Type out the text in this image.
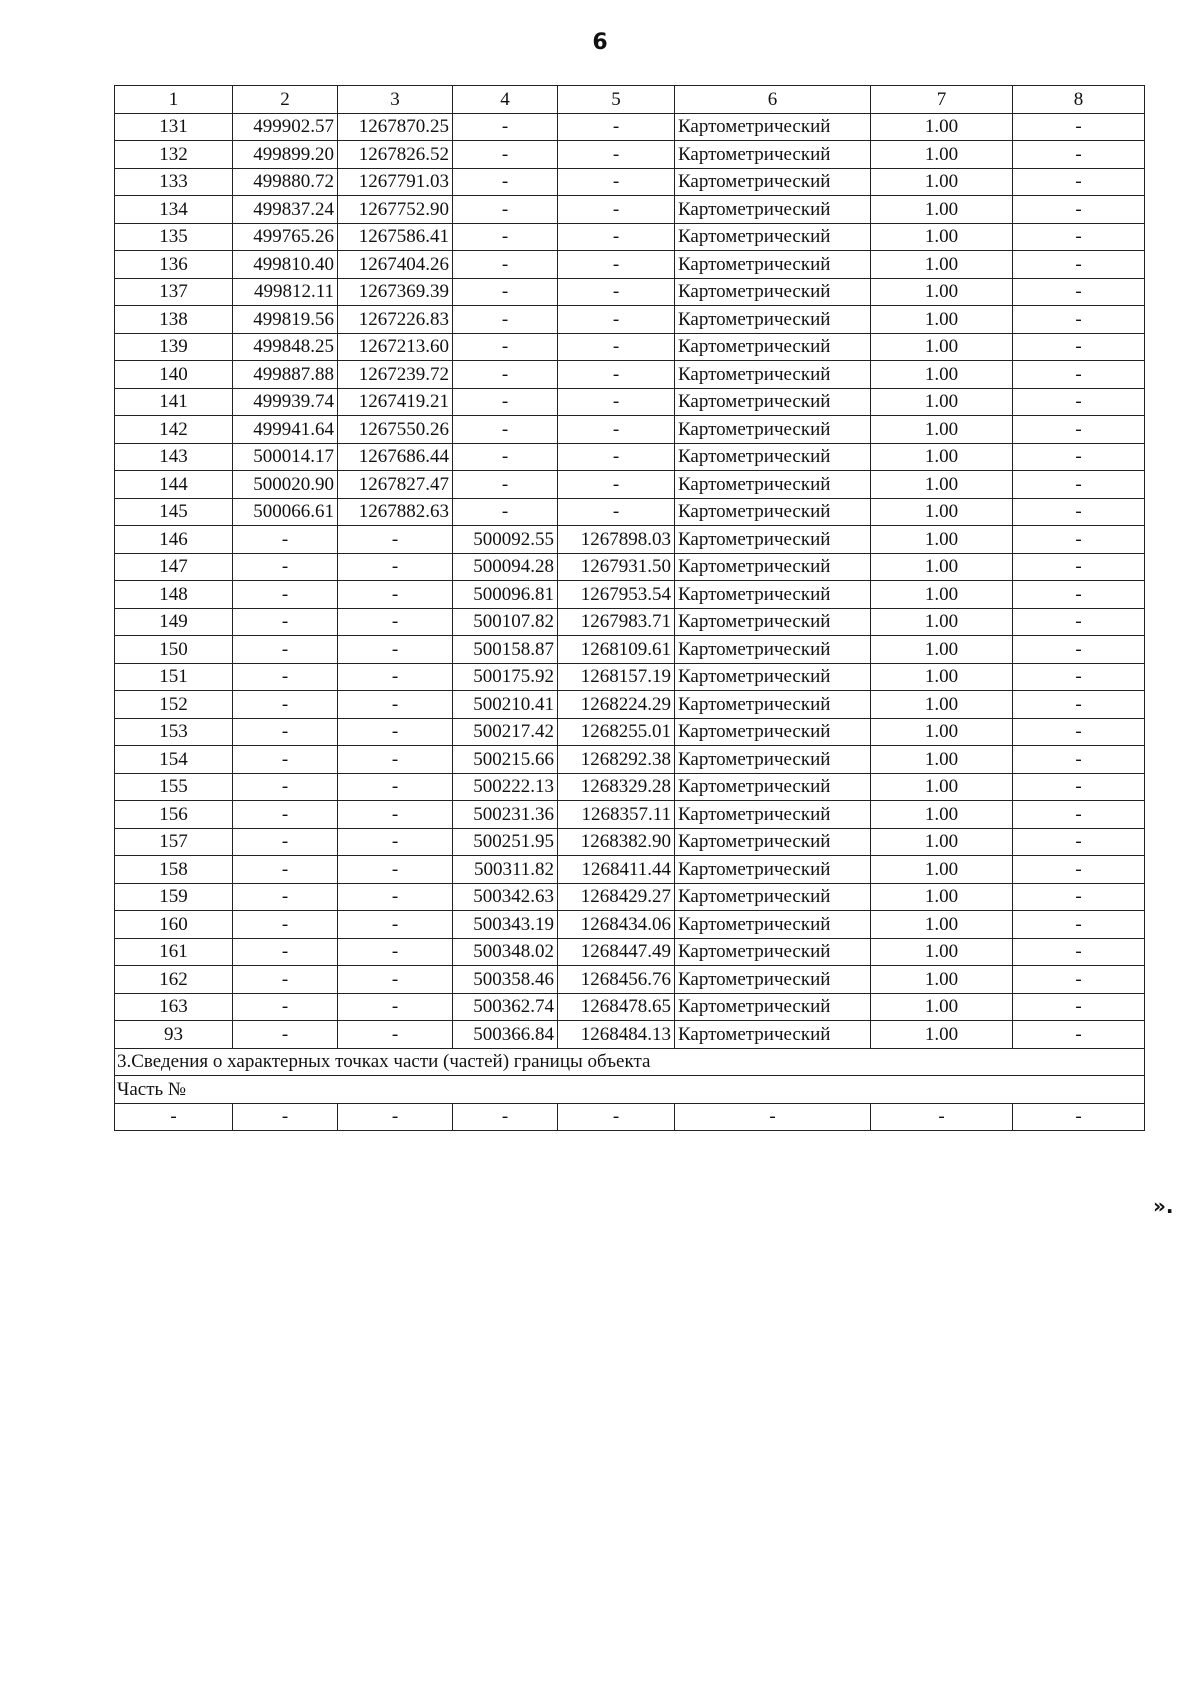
6
1	2	3	4	5	6	7	8
131	499902.57	1267870.25	-	-	Картометрический	1.00	-
132	499899.20	1267826.52	-	-	Картометрический	1.00	-
133	499880.72	1267791.03	-	-	Картометрический	1.00	-
134	499837.24	1267752.90	-	-	Картометрический	1.00	-
135	499765.26	1267586.41	-	-	Картометрический	1.00	-
136	499810.40	1267404.26	-	-	Картометрический	1.00	-
137	499812.11	1267369.39	-	-	Картометрический	1.00	-
138	499819.56	1267226.83	-	-	Картометрический	1.00	-
139	499848.25	1267213.60	-	-	Картометрический	1.00	-
140	499887.88	1267239.72	-	-	Картометрический	1.00	-
141	499939.74	1267419.21	-	-	Картометрический	1.00	-
142	499941.64	1267550.26	-	-	Картометрический	1.00	-
143	500014.17	1267686.44	-	-	Картометрический	1.00	-
144	500020.90	1267827.47	-	-	Картометрический	1.00	-
145	500066.61	1267882.63	-	-	Картометрический	1.00	-
146	-	-	500092.55	1267898.03	Картометрический	1.00	-
147	-	-	500094.28	1267931.50	Картометрический	1.00	-
148	-	-	500096.81	1267953.54	Картометрический	1.00	-
149	-	-	500107.82	1267983.71	Картометрический	1.00	-
150	-	-	500158.87	1268109.61	Картометрический	1.00	-
151	-	-	500175.92	1268157.19	Картометрический	1.00	-
152	-	-	500210.41	1268224.29	Картометрический	1.00	-
153	-	-	500217.42	1268255.01	Картометрический	1.00	-
154	-	-	500215.66	1268292.38	Картометрический	1.00	-
155	-	-	500222.13	1268329.28	Картометрический	1.00	-
156	-	-	500231.36	1268357.11	Картометрический	1.00	-
157	-	-	500251.95	1268382.90	Картометрический	1.00	-
158	-	-	500311.82	1268411.44	Картометрический	1.00	-
159	-	-	500342.63	1268429.27	Картометрический	1.00	-
160	-	-	500343.19	1268434.06	Картометрический	1.00	-
161	-	-	500348.02	1268447.49	Картометрический	1.00	-
162	-	-	500358.46	1268456.76	Картометрический	1.00	-
163	-	-	500362.74	1268478.65	Картометрический	1.00	-
93	-	-	500366.84	1268484.13	Картометрический	1.00	-
3.Сведения о характерных точках части (частей) границы объекта							
Часть №							
-	-	-	-	-	-	-	-
».
